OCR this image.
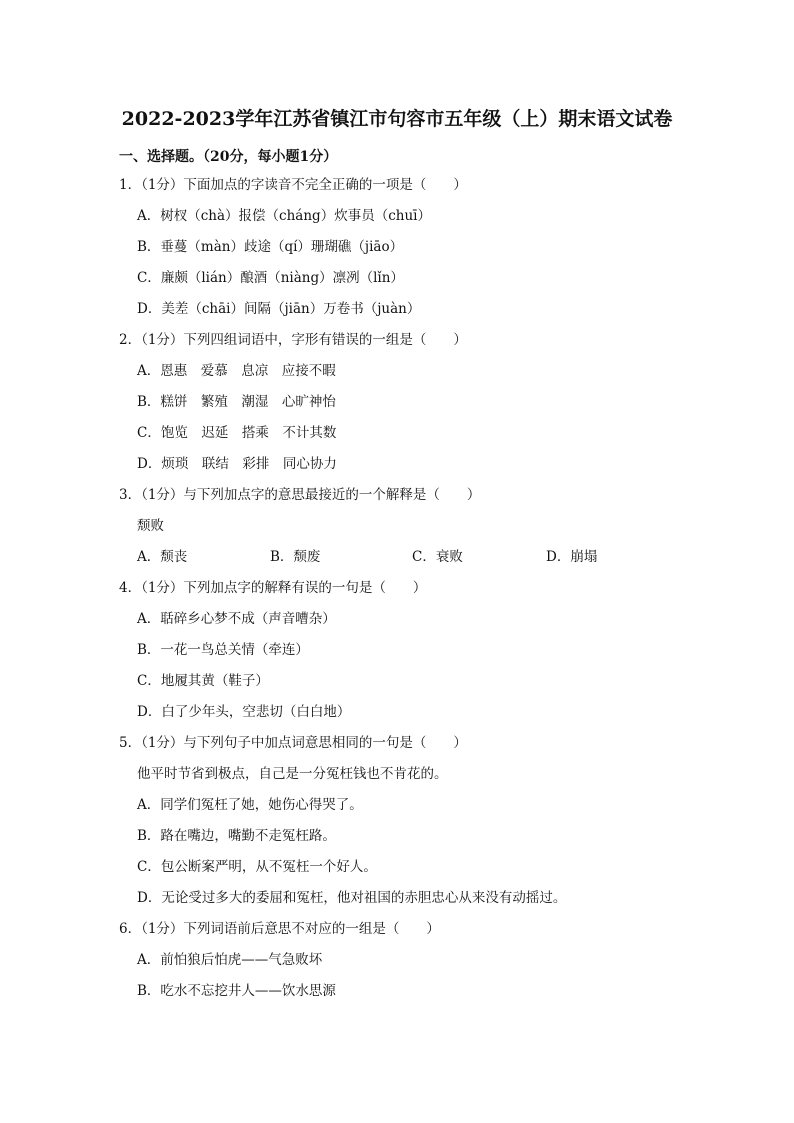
2022-2023学年江苏省镇江市句容市五年级（上）期末语文试卷
一、选择题。（20分，每小题1分）
1．（1分）下面加点的字读音不完全正确的一项是（　　）
A．树杈（chà）报偿（cháng）炊事员（chuī）
B．垂蔓（màn）歧途（qí）珊瑚礁（jiāo）
C．廉颇（lián）酿酒（niàng）凛冽（lǐn）
D．美差（chāi）间隔（jiān）万卷书（juàn）
2．（1分）下列四组词语中，字形有错误的一组是（　　）
A．恩惠　爱慕　息凉　应接不暇
B．糕饼　繁殖　潮湿　心旷神怡
C．饱览　迟延　搭乘　不计其数
D．烦琐　联结　彩排　同心协力
3．（1分）与下列加点字的意思最接近的一个解释是（　　）
颓败
A．颓丧	B．颓废	C．衰败	D．崩塌
4．（1分）下列加点字的解释有误的一句是（　　）
A．聒碎乡心梦不成（声音嘈杂）
B．一花一鸟总关情（牵连）
C．地履其黄（鞋子）
D．白了少年头，空悲切（白白地）
5．（1分）与下列句子中加点词意思相同的一句是（　　）
他平时节省到极点，自己是一分冤枉钱也不肯花的。
A．同学们冤枉了她，她伤心得哭了。
B．路在嘴边，嘴勤不走冤枉路。
C．包公断案严明，从不冤枉一个好人。
D．无论受过多大的委屈和冤枉，他对祖国的赤胆忠心从来没有动摇过。
6．（1分）下列词语前后意思不对应的一组是（　　）
A．前怕狼后怕虎——气急败坏
B．吃水不忘挖井人——饮水思源
